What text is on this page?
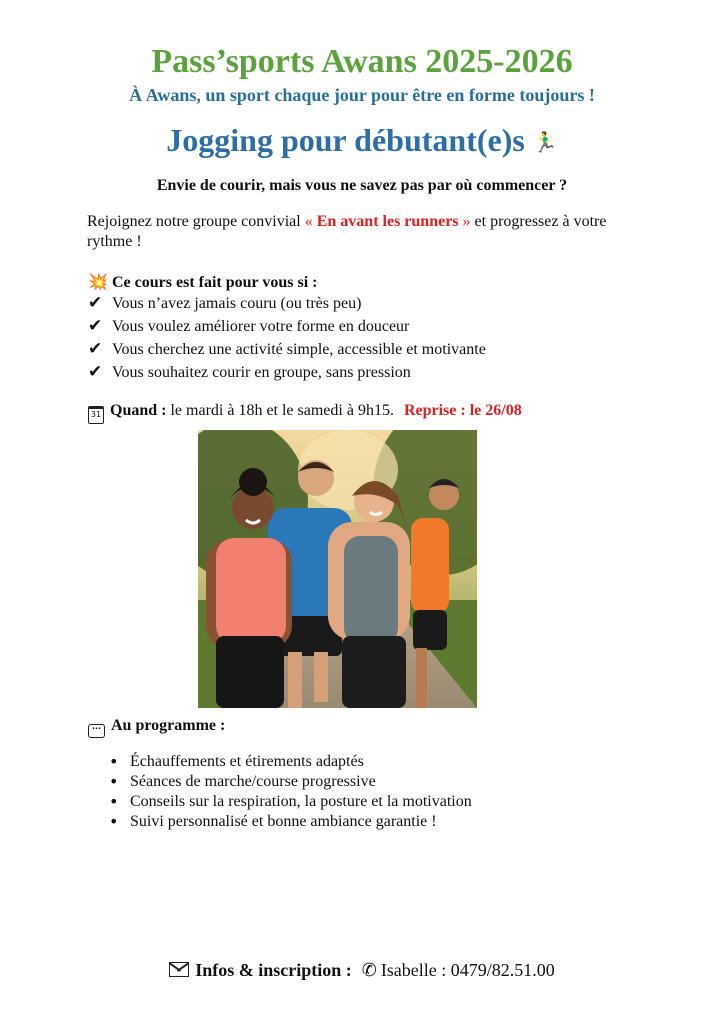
Pass’sports Awans 2025-2026
À Awans, un sport chaque jour pour être en forme toujours !
Jogging pour débutant(e)s 🏃‍♂
Envie de courir, mais vous ne savez pas par où commencer ?
Rejoignez notre groupe convivial « En avant les runners » et progressez à votre rythme !
💥 Ce cours est fait pour vous si :
✔ Vous n’avez jamais couru (ou très peu)
✔ Vous voulez améliorer votre forme en douceur
✔ Vous cherchez une activité simple, accessible et motivante
✔ Vous souhaitez courir en groupe, sans pression
31 Quand : le mardi à 18h et le samedi à 9h15. Reprise : le 26/08
··· Au programme :
• Échauffements et étirements adaptés
• Séances de marche/course progressive
• Conseils sur la respiration, la posture et la motivation
• Suivi personnalisé et bonne ambiance garantie !
Infos & inscription : ✆ Isabelle : 0479/82.51.00
